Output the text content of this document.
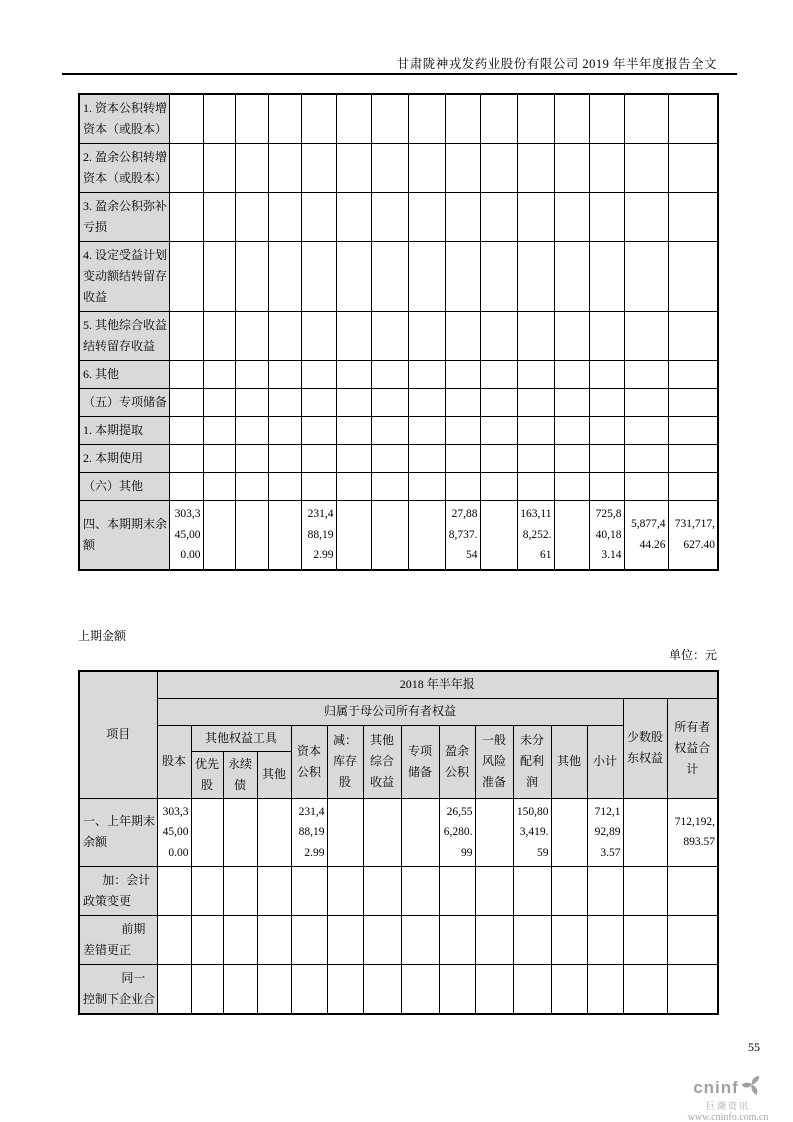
甘肃陇神戎发药业股份有限公司 2019 年半年度报告全文
1. 资本公积转增资本（或股本）															
2. 盈余公积转增资本（或股本）															
3. 盈余公积弥补亏损															
4. 设定受益计划变动额结转留存收益															
5. 其他综合收益结转留存收益															
6. 其他															
（五）专项储备															
1. 本期提取															
2. 本期使用															
（六）其他															
四、本期期末余额	303,345,000.00				231,488,192.99				27,888,737.54		163,118,252.61		725,840,183.14	5,877,444.26	731,717,627.40
上期金额
单位：元
项目	2018 年半年报														
	归属于母公司所有者权益													少数股东权益	所有者权益合计
	股本	其他权益工具			资本公积	减：库存股	其他综合收益	专项储备	盈余公积	一般风险准备	未分配利润	其他	小计		
		优先股	永续债	其他											
一、上年期末余额	303,345,000.00				231,488,192.99				26,556,280.99		150,803,419.59		712,192,893.57		712,192,893.57
加：会计政策变更															
前期差错更正															
同一控制下企业合															
55
cninf
巨潮资讯
www.cninfo.com.cn
